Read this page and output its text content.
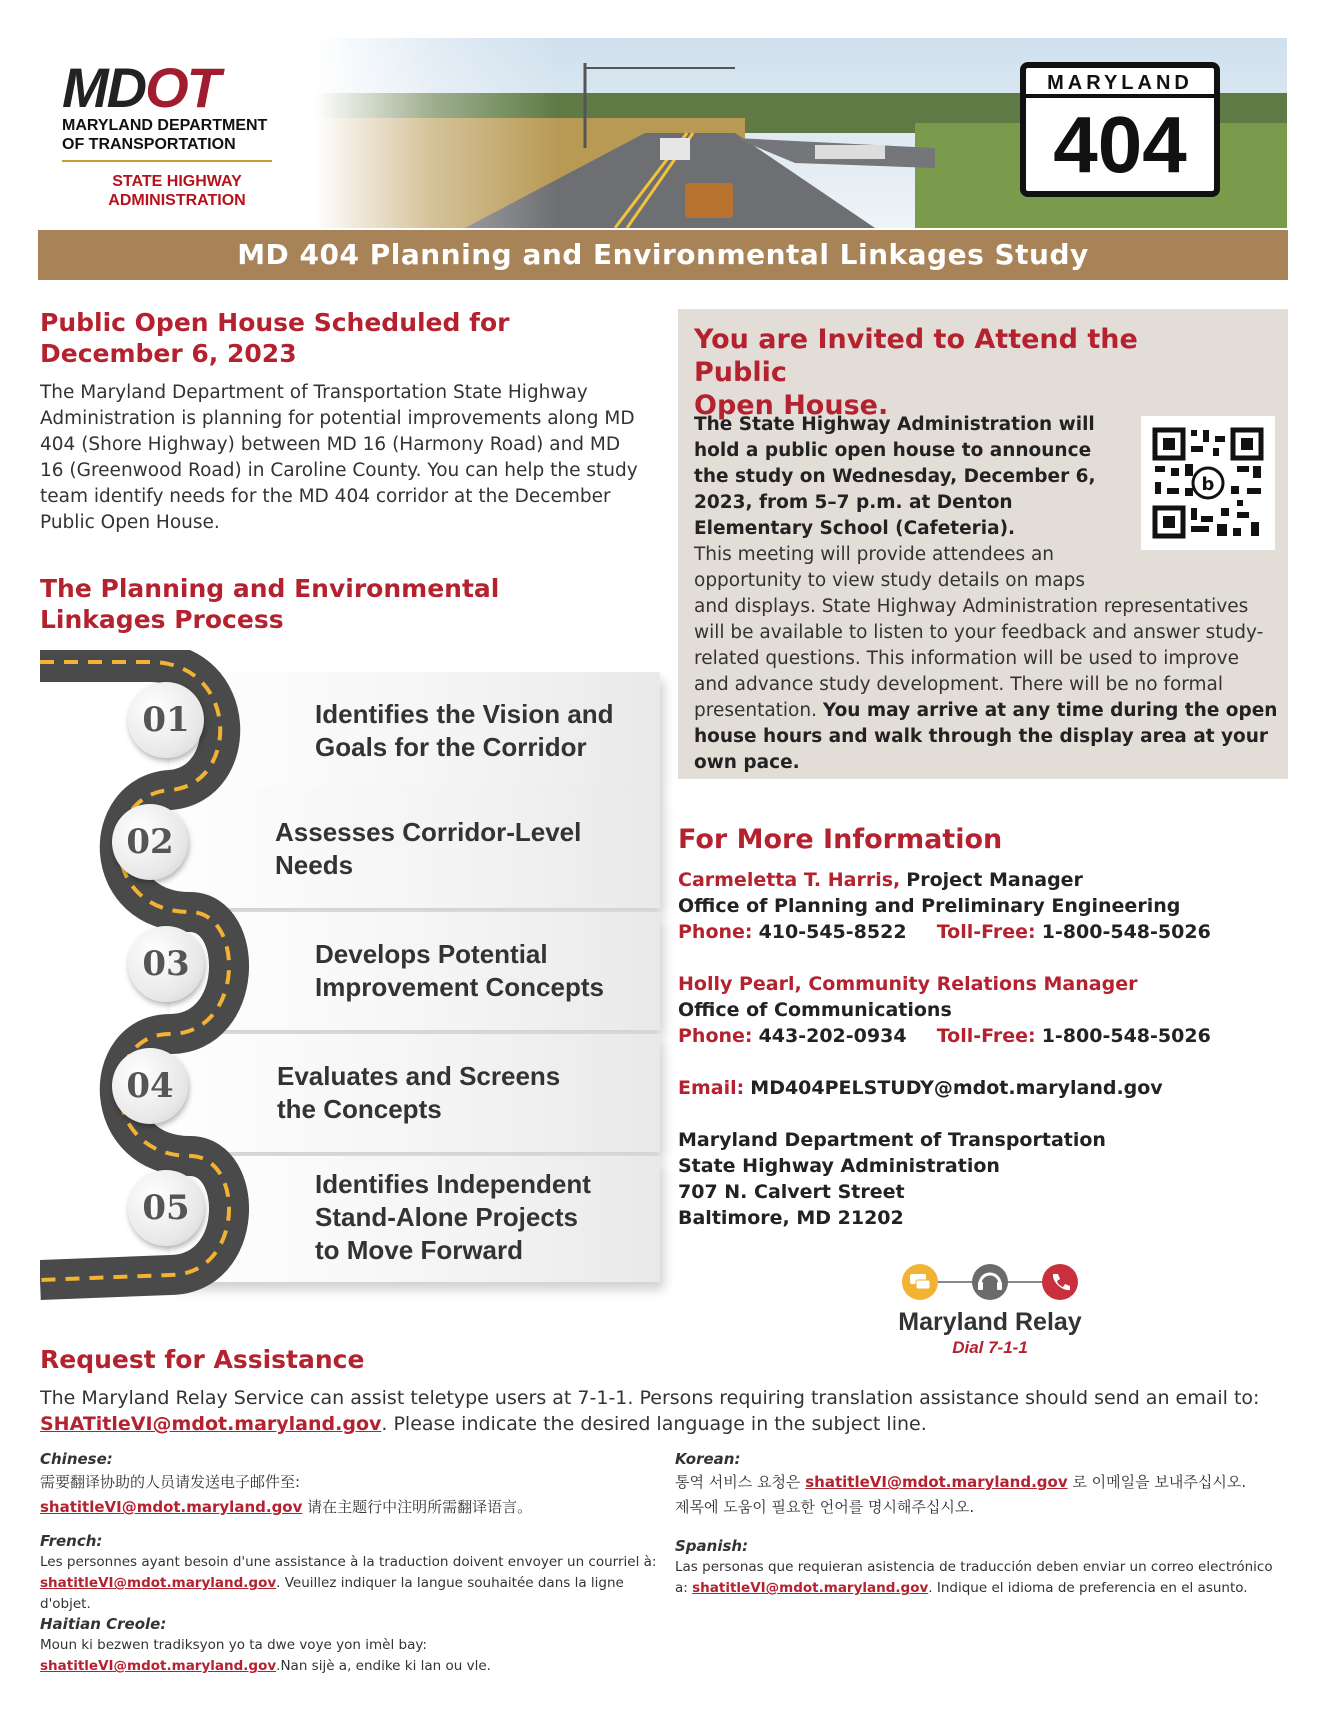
MDOT
MARYLAND DEPARTMENT
OF TRANSPORTATION
STATE HIGHWAY
ADMINISTRATION
MARYLAND
404
MD 404 Planning and Environmental Linkages Study
Public Open House Scheduled for
December 6, 2023
The Maryland Department of Transportation State Highway Administration is planning for potential improvements along MD 404 (Shore Highway) between MD 16 (Harmony Road) and MD 16 (Greenwood Road) in Caroline County. You can help the study team identify needs for the MD 404 corridor at the December Public Open House.
The Planning and Environmental
Linkages Process
Identifies the Vision and
Goals for the Corridor
Assesses Corridor-Level
Needs
Develops Potential
Improvement Concepts
Evaluates and Screens
the Concepts
Identifies Independent
Stand-Alone Projects
to Move Forward
01
02
03
04
05
You are Invited to Attend the Public
Open House.
b
The State Highway Administration will hold a public open house to announce the study on Wednesday, December 6, 2023, from 5–7 p.m. at Denton Elementary School (Cafeteria).
This meeting will provide attendees an opportunity to view study details on maps
and displays. State Highway Administration representatives will be available to listen to your feedback and answer study-related questions. This information will be used to improve and advance study development. There will be no formal presentation. You may arrive at any time during the open house hours and walk through the display area at your own pace.
For More Information
Carmeletta T. Harris, Project Manager
Office of Planning and Preliminary Engineering
Phone: 410-545-8522 Toll-Free: 1-800-548-5026
Holly Pearl, Community Relations Manager
Office of Communications
Phone: 443-202-0934 Toll-Free: 1-800-548-5026
Email: MD404PELSTUDY@mdot.maryland.gov
Maryland Department of Transportation
State Highway Administration
707 N. Calvert Street
Baltimore, MD 21202
Maryland Relay
Dial 7-1-1
Request for Assistance
The Maryland Relay Service can assist teletype users at 7-1-1. Persons requiring translation assistance should send an email to: SHATitleVI@mdot.maryland.gov. Please indicate the desired language in the subject line.
Chinese:
需要翻译协助的人员请发送电子邮件至:
shatitleVI@mdot.maryland.gov 请在主题行中注明所需翻译语言。
French:
Les personnes ayant besoin d'une assistance à la traduction doivent envoyer un courriel à:
shatitleVI@mdot.maryland.gov. Veuillez indiquer la langue souhaitée dans la ligne d'objet.
Haitian Creole:
Moun ki bezwen tradiksyon yo ta dwe voye yon imèl bay:
shatitleVI@mdot.maryland.gov.Nan sijè a, endike ki lan ou vle.
Korean:
통역 서비스 요청은 shatitleVI@mdot.maryland.gov 로 이메일을 보내주십시오.
제목에 도움이 필요한 언어를 명시해주십시오.
Spanish:
Las personas que requieran asistencia de traducción deben enviar un correo electrónico
a: shatitleVI@mdot.maryland.gov. Indique el idioma de preferencia en el asunto.
